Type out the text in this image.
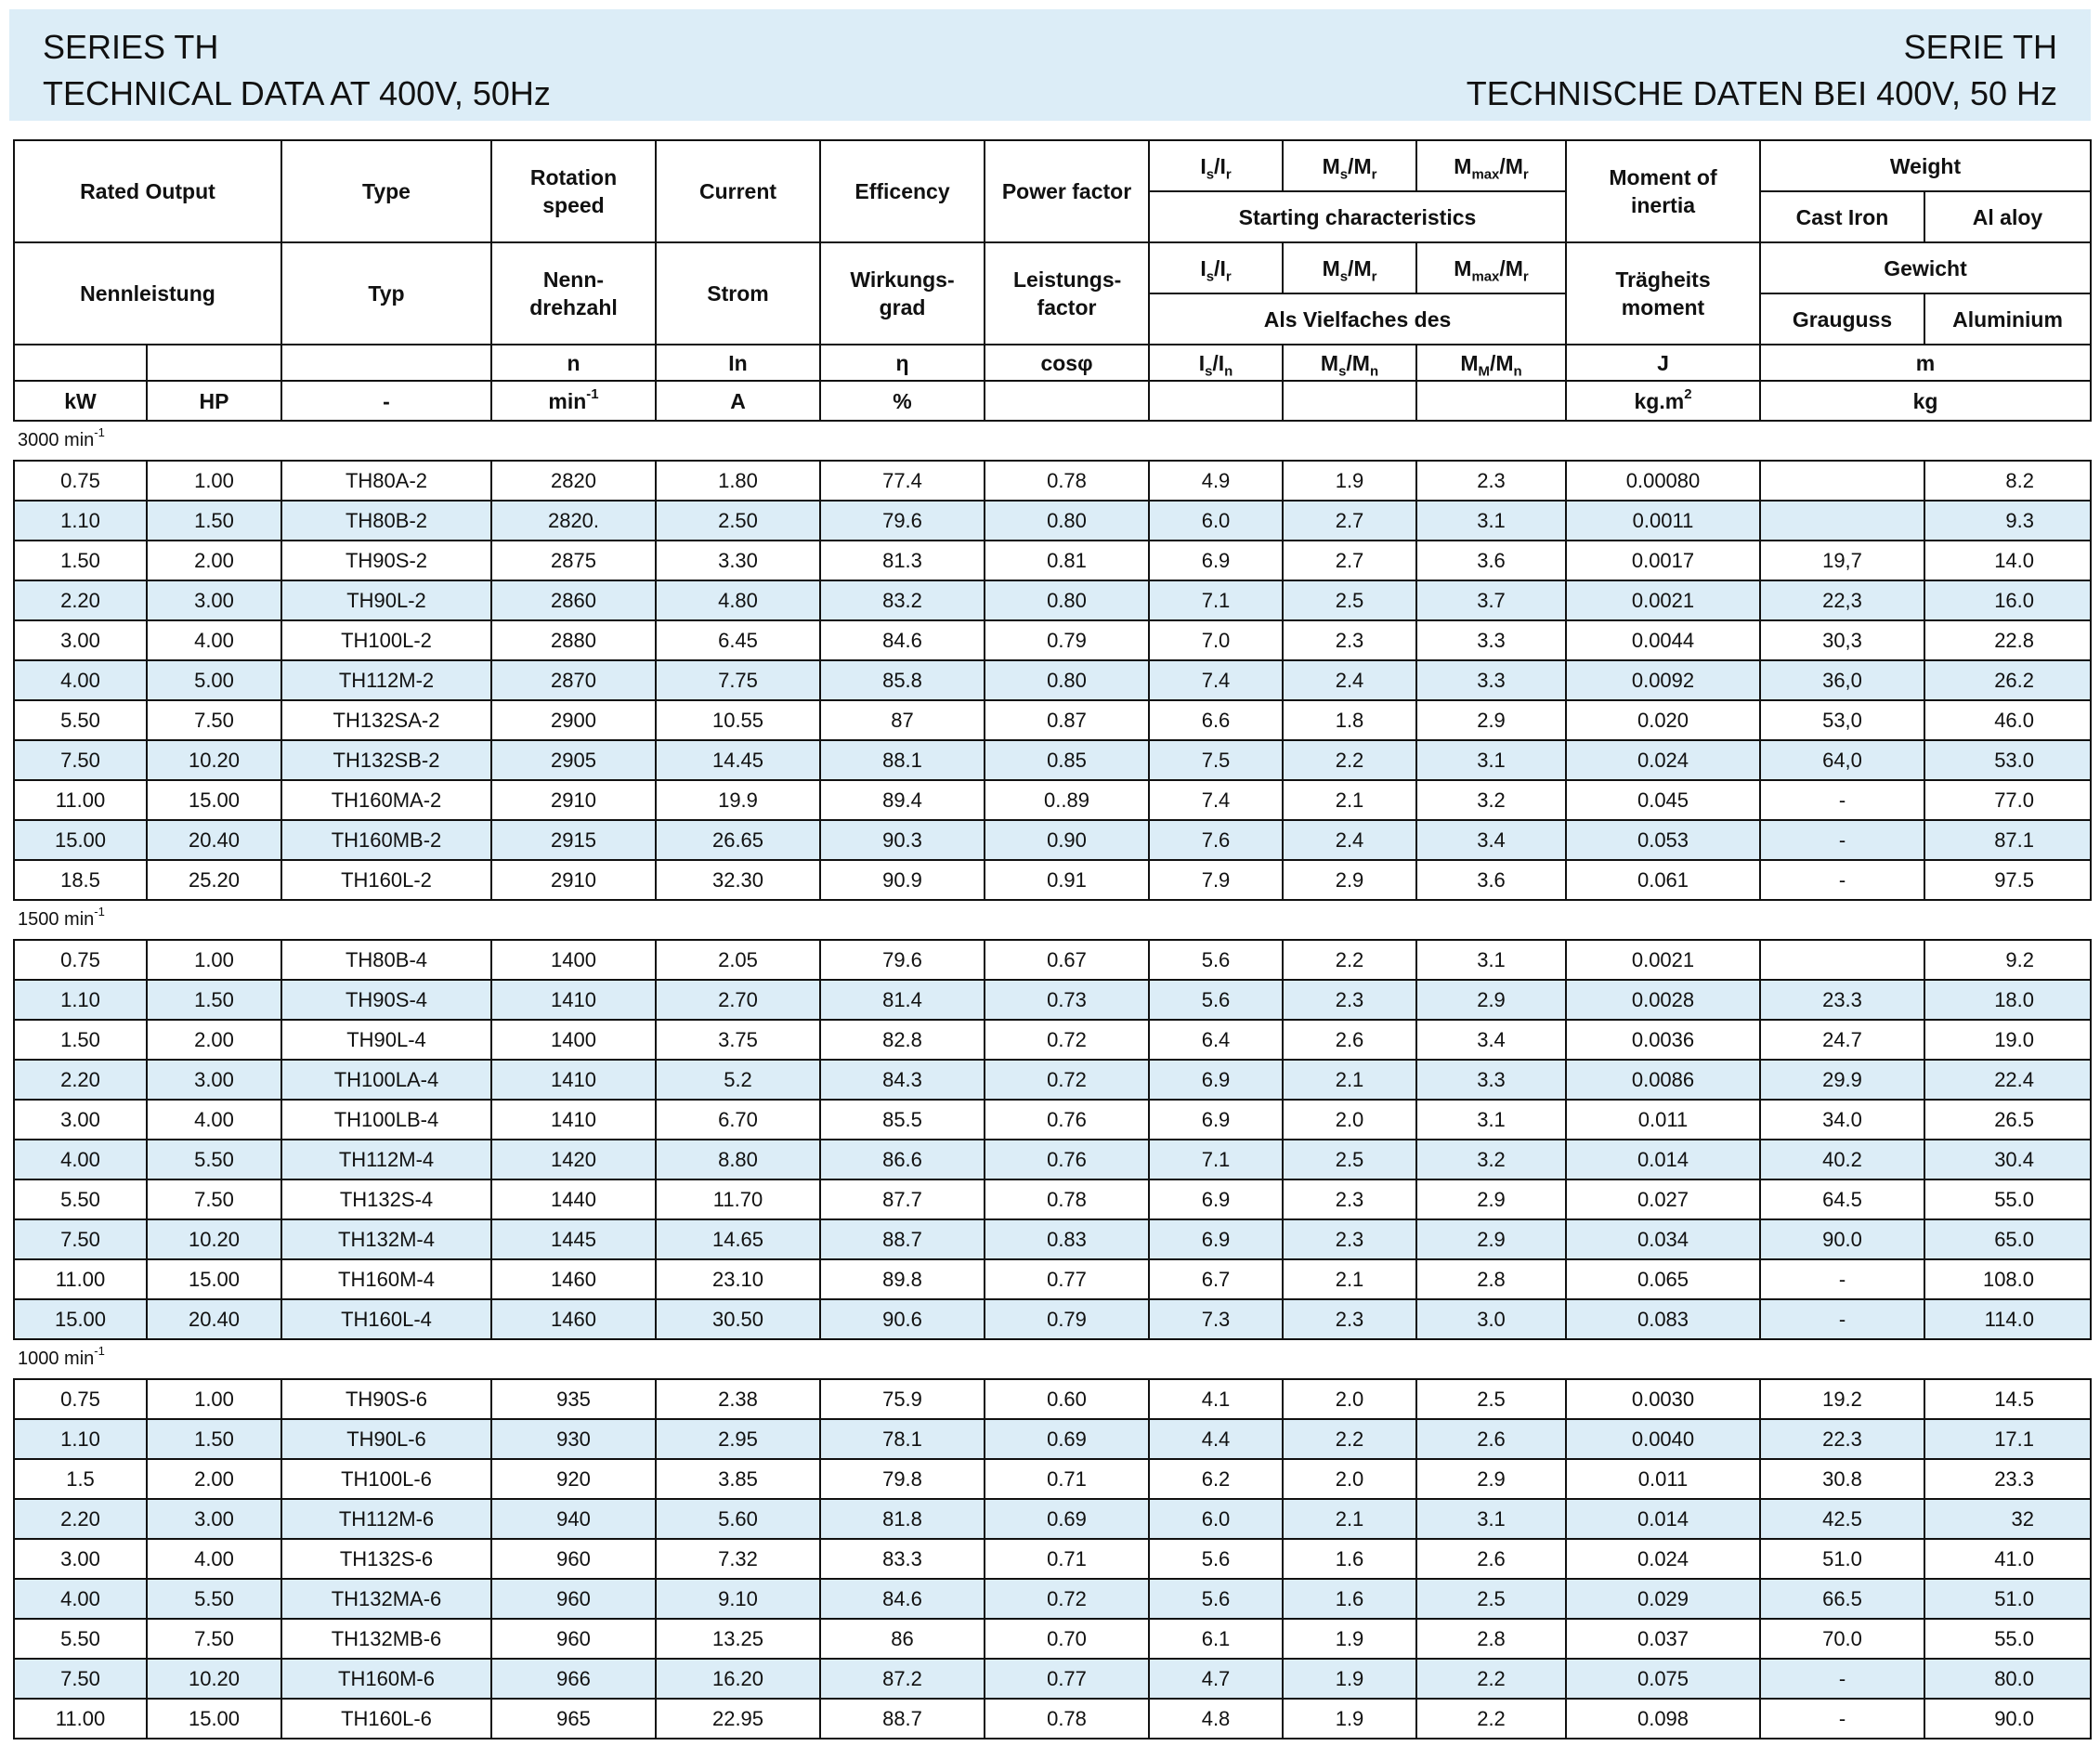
SERIES TH
TECHNICAL DATA AT 400V, 50Hz
SERIE TH
TECHNISCHE DATEN BEI 400V, 50 Hz
Rated Output		Type	Rotation speed	Current	Efficency	Power factor	$I_s/I_r$	$M_s/M_r$	$M_{max}/M_r$	Moment of inertia	Weight	
							Starting characteristics				Cast Iron	Al aloy
Nennleistung		Typ	Nenn-drehzahl	Strom	Wirkungs-grad	Leistungs-factor	$I_s/I_r$	$M_s/M_r$	$M_{max}/M_r$	Trägheits moment	Gewicht	
							Als Vielfaches des				Grauguss	Aluminium
			n	In	η	cosφ	$I_s/I_n$	$M_s/M_n$	$M_M/M_n$	J	m	
kW	HP	-	$\min^{-1}$	A	%					$kg.m^2$	kg	
3000 $\min^{-1}$
0.75	1.00	TH80A-2	2820	1.80	77.4	0.78	4.9	1.9	2.3	0.00080		8.2
1.10	1.50	TH80B-2	2820.	2.50	79.6	0.80	6.0	2.7	3.1	0.0011		9.3
1.50	2.00	TH90S-2	2875	3.30	81.3	0.81	6.9	2.7	3.6	0.0017	19,7	14.0
2.20	3.00	TH90L-2	2860	4.80	83.2	0.80	7.1	2.5	3.7	0.0021	22,3	16.0
3.00	4.00	TH100L-2	2880	6.45	84.6	0.79	7.0	2.3	3.3	0.0044	30,3	22.8
4.00	5.00	TH112M-2	2870	7.75	85.8	0.80	7.4	2.4	3.3	0.0092	36,0	26.2
5.50	7.50	TH132SA-2	2900	10.55	87	0.87	6.6	1.8	2.9	0.020	53,0	46.0
7.50	10.20	TH132SB-2	2905	14.45	88.1	0.85	7.5	2.2	3.1	0.024	64,0	53.0
11.00	15.00	TH160MA-2	2910	19.9	89.4	0..89	7.4	2.1	3.2	0.045	-	77.0
15.00	20.40	TH160MB-2	2915	26.65	90.3	0.90	7.6	2.4	3.4	0.053	-	87.1
18.5	25.20	TH160L-2	2910	32.30	90.9	0.91	7.9	2.9	3.6	0.061	-	97.5
1500 $\min^{-1}$
0.75	1.00	TH80B-4	1400	2.05	79.6	0.67	5.6	2.2	3.1	0.0021		9.2
1.10	1.50	TH90S-4	1410	2.70	81.4	0.73	5.6	2.3	2.9	0.0028	23.3	18.0
1.50	2.00	TH90L-4	1400	3.75	82.8	0.72	6.4	2.6	3.4	0.0036	24.7	19.0
2.20	3.00	TH100LA-4	1410	5.2	84.3	0.72	6.9	2.1	3.3	0.0086	29.9	22.4
3.00	4.00	TH100LB-4	1410	6.70	85.5	0.76	6.9	2.0	3.1	0.011	34.0	26.5
4.00	5.50	TH112M-4	1420	8.80	86.6	0.76	7.1	2.5	3.2	0.014	40.2	30.4
5.50	7.50	TH132S-4	1440	11.70	87.7	0.78	6.9	2.3	2.9	0.027	64.5	55.0
7.50	10.20	TH132M-4	1445	14.65	88.7	0.83	6.9	2.3	2.9	0.034	90.0	65.0
11.00	15.00	TH160M-4	1460	23.10	89.8	0.77	6.7	2.1	2.8	0.065	-	108.0
15.00	20.40	TH160L-4	1460	30.50	90.6	0.79	7.3	2.3	3.0	0.083	-	114.0
1000 $\min^{-1}$
0.75	1.00	TH90S-6	935	2.38	75.9	0.60	4.1	2.0	2.5	0.0030	19.2	14.5
1.10	1.50	TH90L-6	930	2.95	78.1	0.69	4.4	2.2	2.6	0.0040	22.3	17.1
1.5	2.00	TH100L-6	920	3.85	79.8	0.71	6.2	2.0	2.9	0.011	30.8	23.3
2.20	3.00	TH112M-6	940	5.60	81.8	0.69	6.0	2.1	3.1	0.014	42.5	32
3.00	4.00	TH132S-6	960	7.32	83.3	0.71	5.6	1.6	2.6	0.024	51.0	41.0
4.00	5.50	TH132MA-6	960	9.10	84.6	0.72	5.6	1.6	2.5	0.029	66.5	51.0
5.50	7.50	TH132MB-6	960	13.25	86	0.70	6.1	1.9	2.8	0.037	70.0	55.0
7.50	10.20	TH160M-6	966	16.20	87.2	0.77	4.7	1.9	2.2	0.075	-	80.0
11.00	15.00	TH160L-6	965	22.95	88.7	0.78	4.8	1.9	2.2	0.098	-	90.0
